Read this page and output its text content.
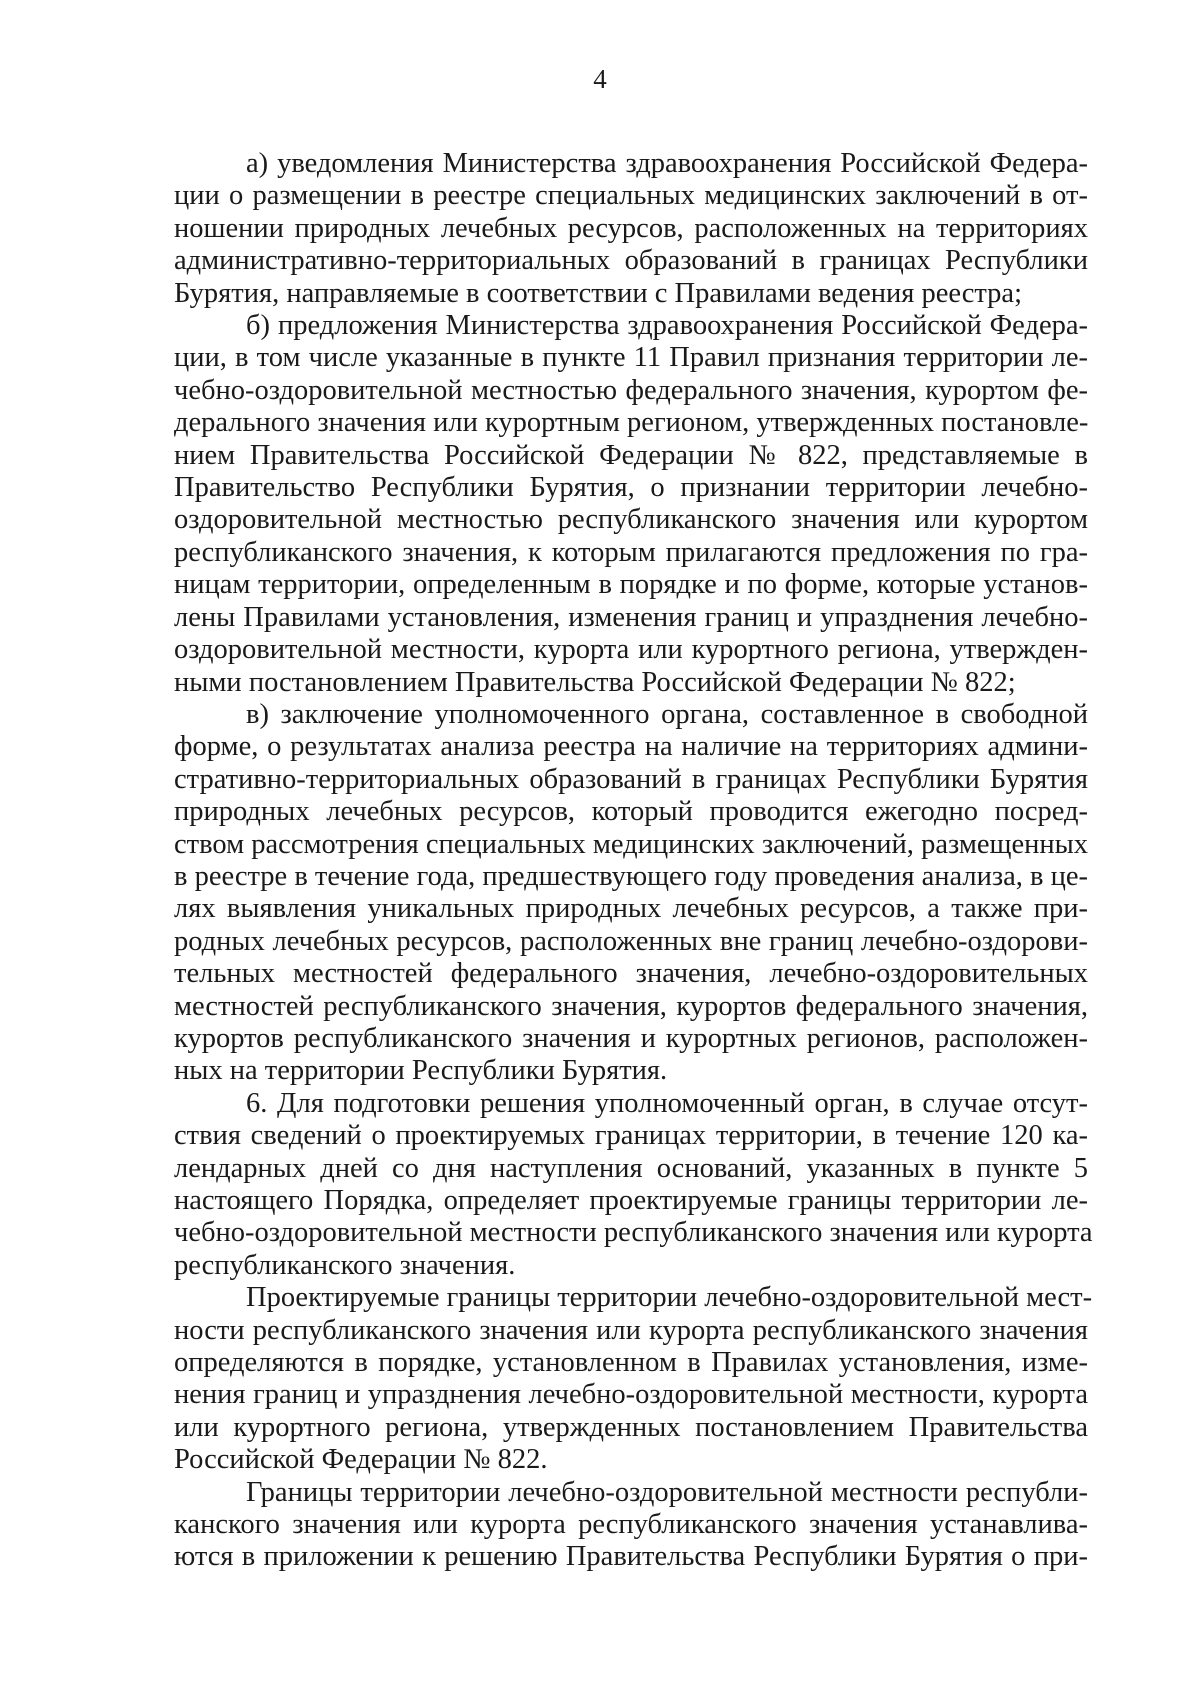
4

а) уведомления Министерства здравоохранения Российской Федера-
ции о размещении в реестре специальных медицинских заключений в от-
ношении природных лечебных ресурсов, расположенных на территориях
административно-территориальных образований в границах Республики
Бурятия, направляемые в соответствии с Правилами ведения реестра;

б) предложения Министерства здравоохранения Российской Федера-
ции, в том числе указанные в пункте 11 Правил признания территории ле-
чебно-оздоровительной местностью федерального значения, курортом фе-
дерального значения или курортным регионом, утвержденных постановле-
нием Правительства Российской Федерации № 822, представляемые в
Правительство Республики Бурятия, о признании территории лечебно-
оздоровительной местностью республиканского значения или курортом
республиканского значения, к которым прилагаются предложения по гра-
ницам территории, определенным в порядке и по форме, которые установ-
лены Правилами установления, изменения границ и упразднения лечебно-
оздоровительной местности, курорта или курортного региона, утвержден-
ными постановлением Правительства Российской Федерации № 822;

в) заключение уполномоченного органа, составленное в свободной
форме, о результатах анализа реестра на наличие на территориях админи-
стративно-территориальных образований в границах Республики Бурятия
природных лечебных ресурсов, который проводится ежегодно посред-
ством рассмотрения специальных медицинских заключений, размещенных
в реестре в течение года, предшествующего году проведения анализа, в це-
лях выявления уникальных природных лечебных ресурсов, а также при-
родных лечебных ресурсов, расположенных вне границ лечебно-оздорови-
тельных местностей федерального значения, лечебно-оздоровительных
местностей республиканского значения, курортов федерального значения,
курортов республиканского значения и курортных регионов, расположен-
ных на территории Республики Бурятия.

6. Для подготовки решения уполномоченный орган, в случае отсут-
ствия сведений о проектируемых границах территории, в течение 120 ка-
лендарных дней со дня наступления оснований, указанных в пункте 5
настоящего Порядка, определяет проектируемые границы территории ле-
чебно-оздоровительной местности республиканского значения или курорта
республиканского значения.

Проектируемые границы территории лечебно-оздоровительной мест-
ности республиканского значения или курорта республиканского значения
определяются в порядке, установленном в Правилах установления, изме-
нения границ и упразднения лечебно-оздоровительной местности, курорта
или курортного региона, утвержденных постановлением Правительства
Российской Федерации № 822.

Границы территории лечебно-оздоровительной местности республи-
канского значения или курорта республиканского значения устанавлива-
ются в приложении к решению Правительства Республики Бурятия о при-
